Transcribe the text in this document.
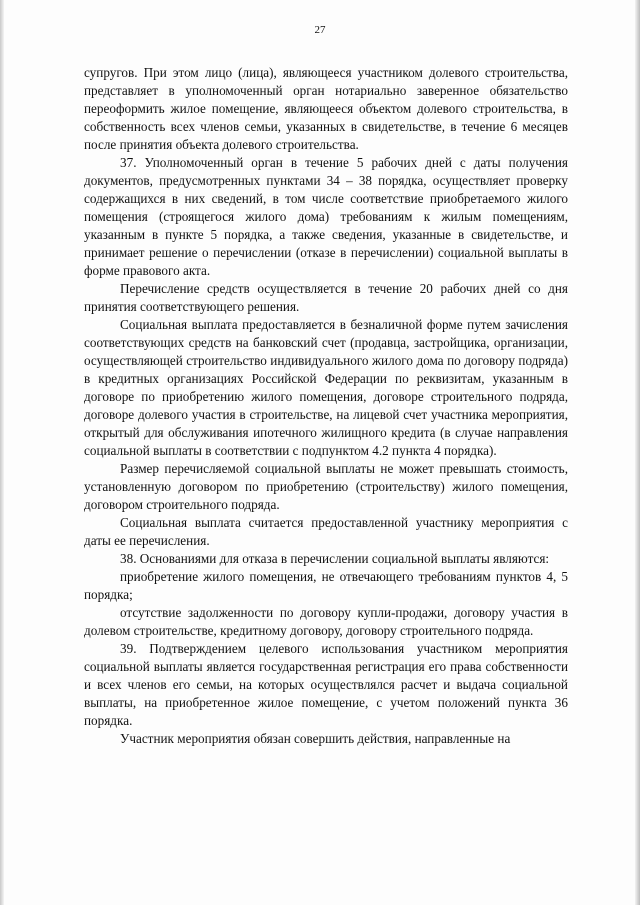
27

супругов. При этом лицо (лица), являющееся участником долевого строительства, представляет в уполномоченный орган нотариально заверенное обязательство переоформить жилое помещение, являющееся объектом долевого строительства, в собственность всех членов семьи, указанных в свидетельстве, в течение 6 месяцев после принятия объекта долевого строительства.

37. Уполномоченный орган в течение 5 рабочих дней с даты получения документов, предусмотренных пунктами 34 – 38 порядка, осуществляет проверку содержащихся в них сведений, в том числе соответствие приобретаемого жилого помещения (строящегося жилого дома) требованиям к жилым помещениям, указанным в пункте 5 порядка, а также сведения, указанные в свидетельстве, и принимает решение о перечислении (отказе в перечислении) социальной выплаты в форме правового акта.

Перечисление средств осуществляется в течение 20 рабочих дней со дня принятия соответствующего решения.

Социальная выплата предоставляется в безналичной форме путем зачисления соответствующих средств на банковский счет (продавца, застройщика, организации, осуществляющей строительство индивидуального жилого дома по договору подряда) в кредитных организациях Российской Федерации по реквизитам, указанным в договоре по приобретению жилого помещения, договоре строительного подряда, договоре долевого участия в строительстве, на лицевой счет участника мероприятия, открытый для обслуживания ипотечного жилищного кредита (в случае направления социальной выплаты в соответствии с подпунктом 4.2 пункта 4 порядка).

Размер перечисляемой социальной выплаты не может превышать стоимость, установленную договором по приобретению (строительству) жилого помещения, договором строительного подряда.

Социальная выплата считается предоставленной участнику мероприятия с даты ее перечисления.

38. Основаниями для отказа в перечислении социальной выплаты являются:

приобретение жилого помещения, не отвечающего требованиям пунктов 4, 5 порядка;

отсутствие задолженности по договору купли-продажи, договору участия в долевом строительстве, кредитному договору, договору строительного подряда.

39. Подтверждением целевого использования участником мероприятия социальной выплаты является государственная регистрация его права собственности и всех членов его семьи, на которых осуществлялся расчет и выдача социальной выплаты, на приобретенное жилое помещение, с учетом положений пункта 36 порядка.

Участник мероприятия обязан совершить действия, направленные на
